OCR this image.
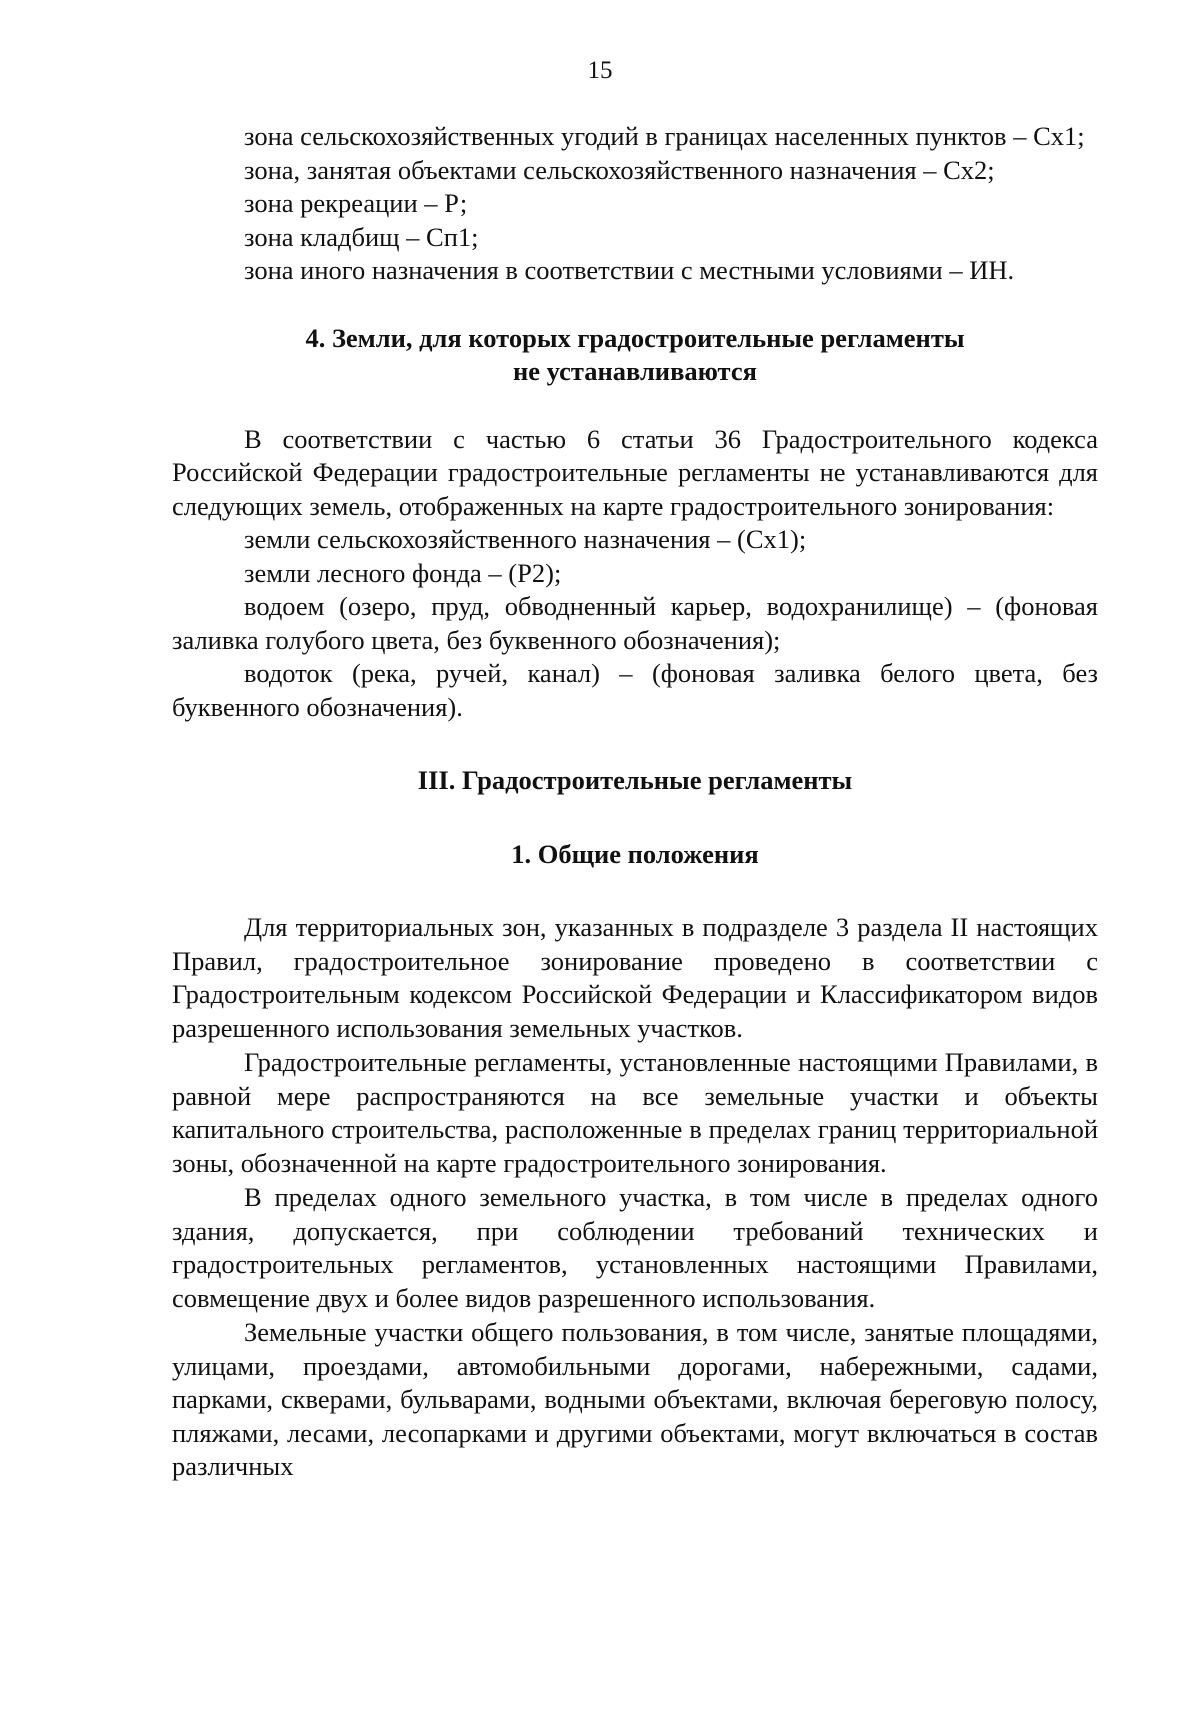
15

зона сельскохозяйственных угодий в границах населенных пунктов – Сх1;

зона, занятая объектами сельскохозяйственного назначения – Сх2;

зона рекреации – Р;

зона кладбищ – Сп1;

зона иного назначения в соответствии с местными условиями – ИН.

4. Земли, для которых градостроительные регламенты
не устанавливаются

В соответствии с частью 6 статьи 36 Градостроительного кодекса Российской Федерации градостроительные регламенты не устанавливаются для следующих земель, отображенных на карте градостроительного зонирования:

земли сельскохозяйственного назначения – (Сх1);

земли лесного фонда – (Р2);

водоем (озеро, пруд, обводненный карьер, водохранилище) – (фоновая заливка голубого цвета, без буквенного обозначения);

водоток (река, ручей, канал) – (фоновая заливка белого цвета, без буквенного обозначения).

III. Градостроительные регламенты
1. Общие положения

Для территориальных зон, указанных в подразделе 3 раздела II настоящих Правил, градостроительное зонирование проведено в соответствии с Градостроительным кодексом Российской Федерации и Классификатором видов разрешенного использования земельных участков.

Градостроительные регламенты, установленные настоящими Правилами, в равной мере распространяются на все земельные участки и объекты капитального строительства, расположенные в пределах границ территориальной зоны, обозначенной на карте градостроительного зонирования.

В пределах одного земельного участка, в том числе в пределах одного здания, допускается, при соблюдении требований технических и градостроительных регламентов, установленных настоящими Правилами, совмещение двух и более видов разрешенного использования.

Земельные участки общего пользования, в том числе, занятые площадями, улицами, проездами, автомобильными дорогами, набережными, садами, парками, скверами, бульварами, водными объектами, включая береговую полосу, пляжами, лесами, лесопарками и другими объектами, могут включаться в состав различных
